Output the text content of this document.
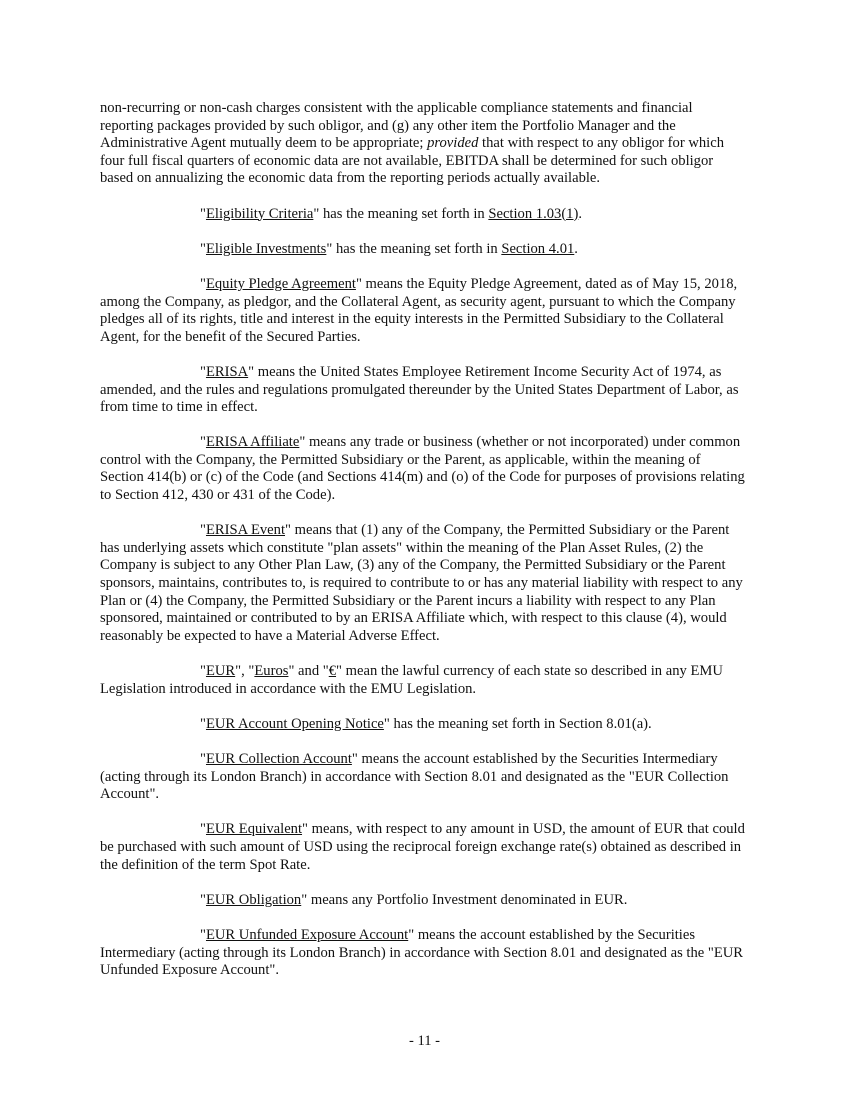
non-recurring or non-cash charges consistent with the applicable compliance statements and financial reporting packages provided by such obligor, and (g) any other item the Portfolio Manager and the Administrative Agent mutually deem to be appropriate; provided that with respect to any obligor for which four full fiscal quarters of economic data are not available, EBITDA shall be determined for such obligor based on annualizing the economic data from the reporting periods actually available.

"Eligibility Criteria" has the meaning set forth in Section 1.03(1).

"Eligible Investments" has the meaning set forth in Section 4.01.

"Equity Pledge Agreement" means the Equity Pledge Agreement, dated as of May 15, 2018, among the Company, as pledgor, and the Collateral Agent, as security agent, pursuant to which the Company pledges all of its rights, title and interest in the equity interests in the Permitted Subsidiary to the Collateral Agent, for the benefit of the Secured Parties.

"ERISA" means the United States Employee Retirement Income Security Act of 1974, as amended, and the rules and regulations promulgated thereunder by the United States Department of Labor, as from time to time in effect.

"ERISA Affiliate" means any trade or business (whether or not incorporated) under common control with the Company, the Permitted Subsidiary or the Parent, as applicable, within the meaning of Section 414(b) or (c) of the Code (and Sections 414(m) and (o) of the Code for purposes of provisions relating to Section 412, 430 or 431 of the Code).

"ERISA Event" means that (1) any of the Company, the Permitted Subsidiary or the Parent has underlying assets which constitute "plan assets" within the meaning of the Plan Asset Rules, (2) the Company is subject to any Other Plan Law, (3) any of the Company, the Permitted Subsidiary or the Parent sponsors, maintains, contributes to, is required to contribute to or has any material liability with respect to any Plan or (4) the Company, the Permitted Subsidiary or the Parent incurs a liability with respect to any Plan sponsored, maintained or contributed to by an ERISA Affiliate which, with respect to this clause (4), would reasonably be expected to have a Material Adverse Effect.

"EUR", "Euros" and "€" mean the lawful currency of each state so described in any EMU Legislation introduced in accordance with the EMU Legislation.

"EUR Account Opening Notice" has the meaning set forth in Section 8.01(a).

"EUR Collection Account" means the account established by the Securities Intermediary (acting through its London Branch) in accordance with Section 8.01 and designated as the "EUR Collection Account".

"EUR Equivalent" means, with respect to any amount in USD, the amount of EUR that could be purchased with such amount of USD using the reciprocal foreign exchange rate(s) obtained as described in the definition of the term Spot Rate.

"EUR Obligation" means any Portfolio Investment denominated in EUR.

"EUR Unfunded Exposure Account" means the account established by the Securities Intermediary (acting through its London Branch) in accordance with Section 8.01 and designated as the "EUR Unfunded Exposure Account".

- 11 -
